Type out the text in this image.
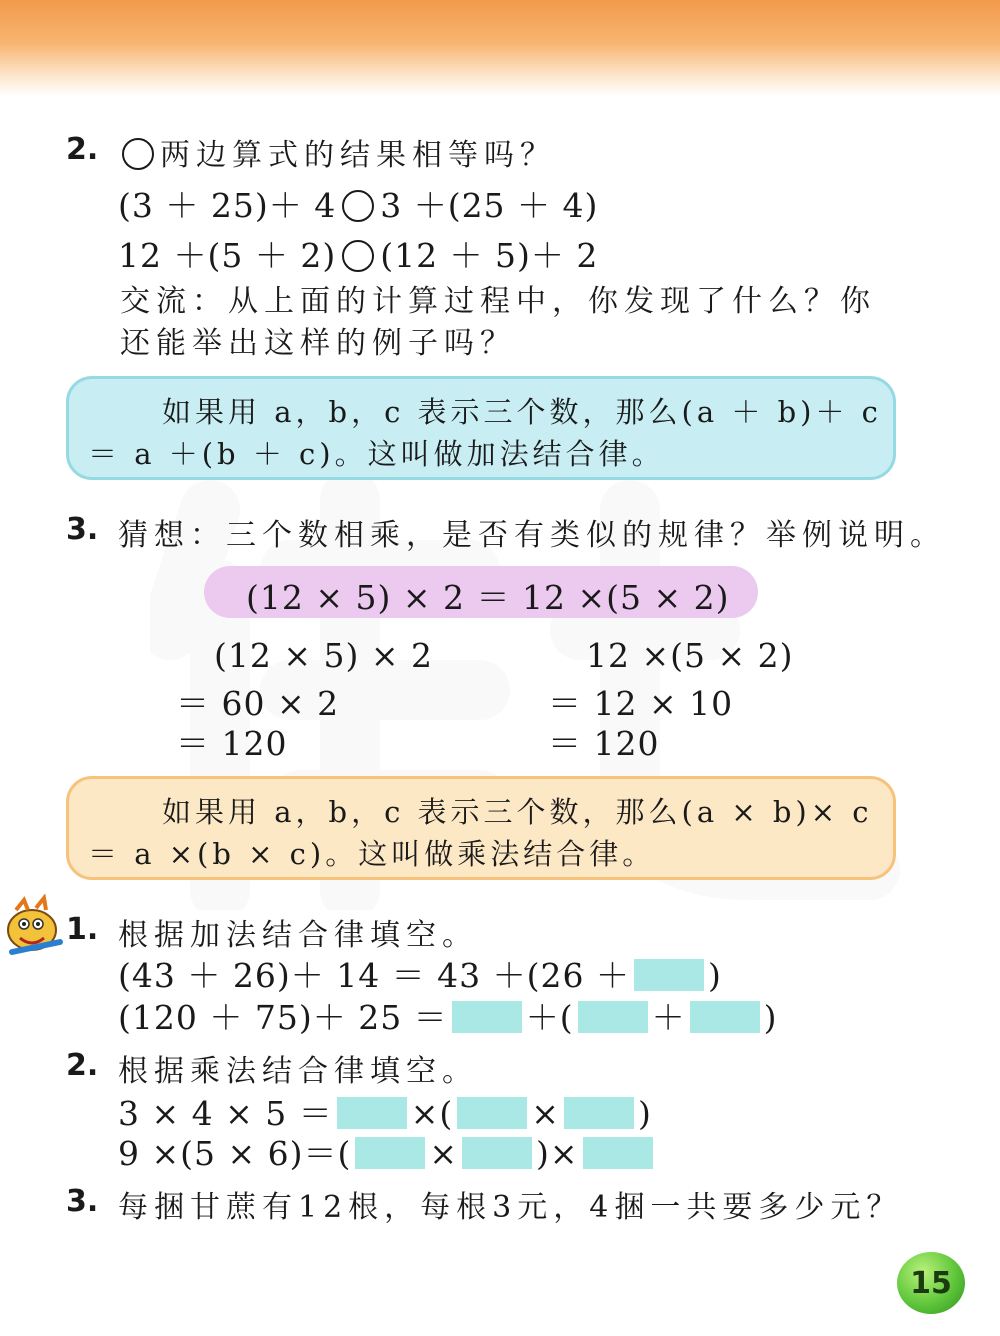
2.	两边算式的结果相等吗？
(3 ＋ 25)＋ 4 3 ＋(25 ＋ 4)
12 ＋(5 ＋ 2) (12 ＋ 5)＋ 2
交流：从上面的计算过程中，你发现了什么？你
还能举出这样的例子吗？
如果用 a，b，c 表示三个数，那么(a ＋ b)＋ c
＝ a ＋(b ＋ c)。这叫做加法结合律。
3. 猜想：三个数相乘，是否有类似的规律？举例说明。
(12 × 5) × 2 ＝ 12 ×(5 × 2)
(12 × 5) × 2
＝ 60 × 2
＝ 120
12 ×(5 × 2)
＝ 12 × 10
＝ 120
如果用 a，b，c 表示三个数，那么(a × b)× c
＝ a ×(b × c)。这叫做乘法结合律。
1. 根据加法结合律填空。
(43 ＋ 26)＋ 14 ＝ 43 ＋(26 ＋ )
(120 ＋ 75)＋ 25 ＝ ＋( ＋ )
2. 根据乘法结合律填空。
3 × 4 × 5 ＝ ×( × )
9 ×(5 × 6)＝( × )×
3. 每捆甘蔗有12根，每根3元，4捆一共要多少元？
15
